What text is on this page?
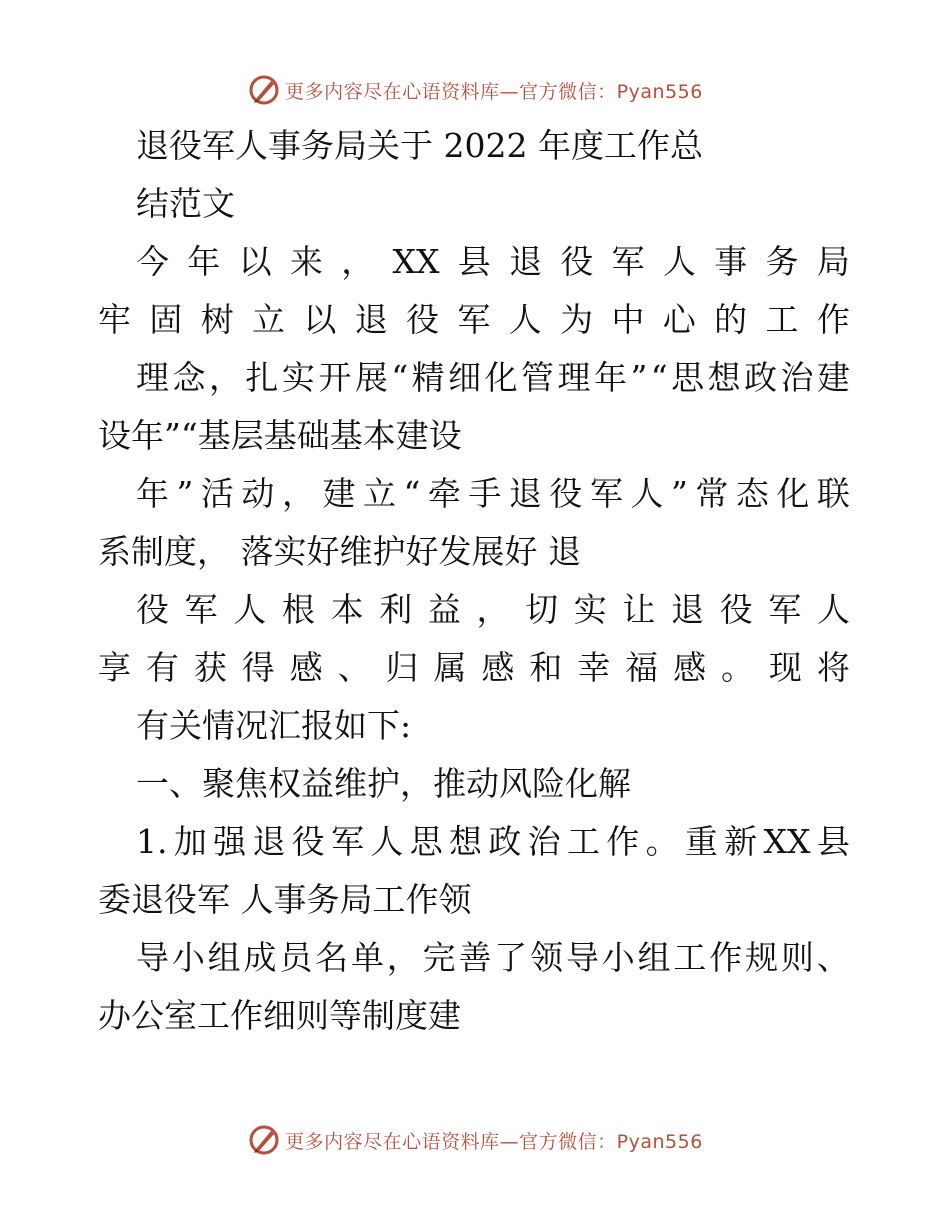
更多内容尽在心语资料库—官方微信：Pyan556
退役军人事务局关于 2022 年度工作总
结范文
今 年 以 来 ， XX 县 退 役 军 人 事 务 局
牢 固 树 立 以 退 役 军 人 为 中 心 的 工 作
理 念 ， 扎 实 开 展 “ 精 细 化 管 理 年 ” “ 思 想 政 治 建
设年”“基层基础基本建设
年 ” 活 动 ， 建 立 “ 牵 手 退 役 军 人 ” 常 态 化 联
系制度， 落实好维护好发展好 退
役 军 人 根 本 利 益 ， 切 实 让 退 役 军 人
享 有 获 得 感 、 归 属 感 和 幸 福 感 。 现 将
有关情况汇报如下:
一、聚焦权益维护，推动风险化解
1. 加 强 退 役 军 人 思 想 政 治 工 作 。 重 新 XX 县
委退役军 人事务局工作领
导 小 组 成 员 名 单 ， 完 善 了 领 导 小 组 工 作 规 则 、
办公室工作细则等制度建
更多内容尽在心语资料库—官方微信：Pyan556
